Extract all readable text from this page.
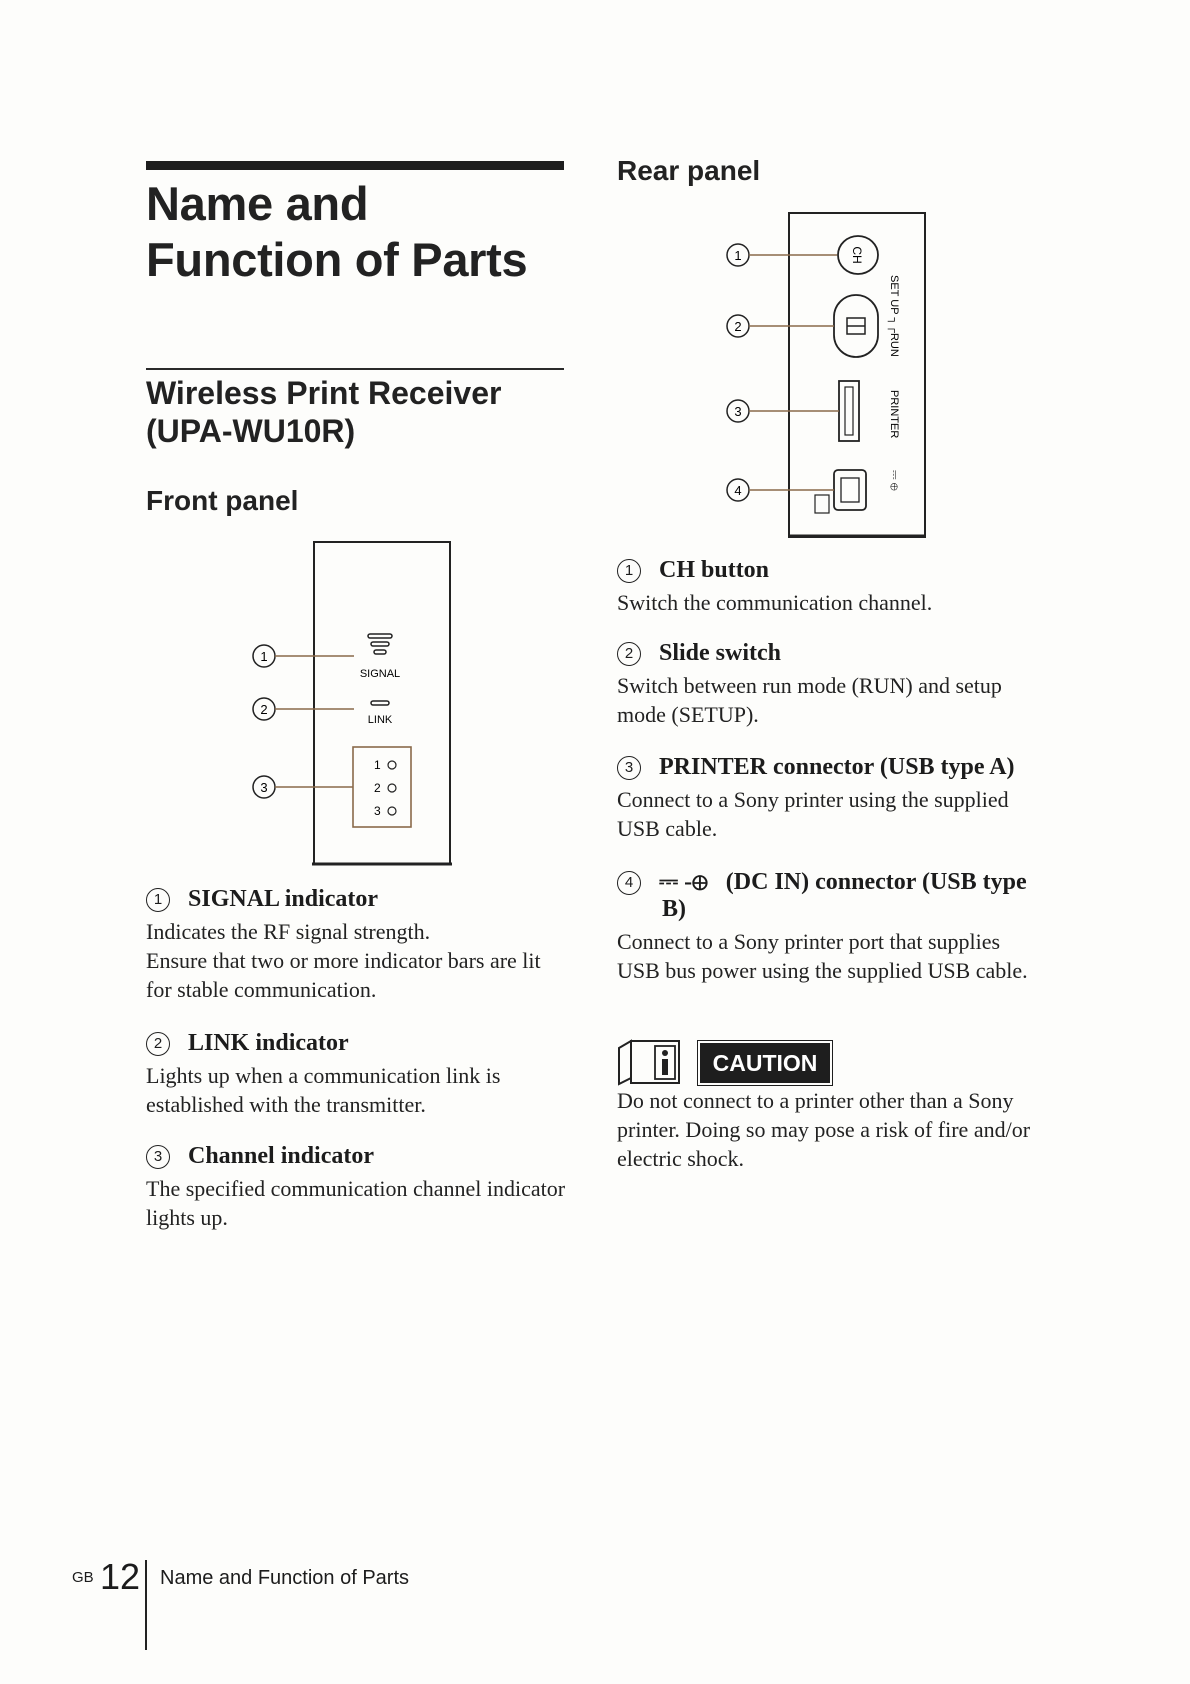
Name and Function of Parts
Wireless Print Receiver (UPA-WU10R)
Front panel
SIGNAL
LINK
1
2
3
1
2
3
1	SIGNAL indicator
Indicates the RF signal strength.
Ensure that two or more indicator bars are lit for stable communication.
2	LINK indicator
Lights up when a communication link is established with the transmitter.
3	Channel indicator
The specified communication channel indicator lights up.
Rear panel
CH
SET UP ┐┌RUN
PRINTER
⎓ ⊕
1
2
3
4
1	CH button
Switch the communication channel.
2	Slide switch
Switch between run mode (RUN) and setup mode (SETUP).
3	PRINTER connector (USB type A)
Connect to a Sony printer using the supplied USB cable.
4	⎓ -⊕ (DC IN) connector (USB type
B)
Connect to a Sony printer port that supplies USB bus power using the supplied USB cable.
CAUTION
Do not connect to a printer other than a Sony printer. Doing so may pose a risk of fire and/or electric shock.
GB 12 Name and Function of Parts
